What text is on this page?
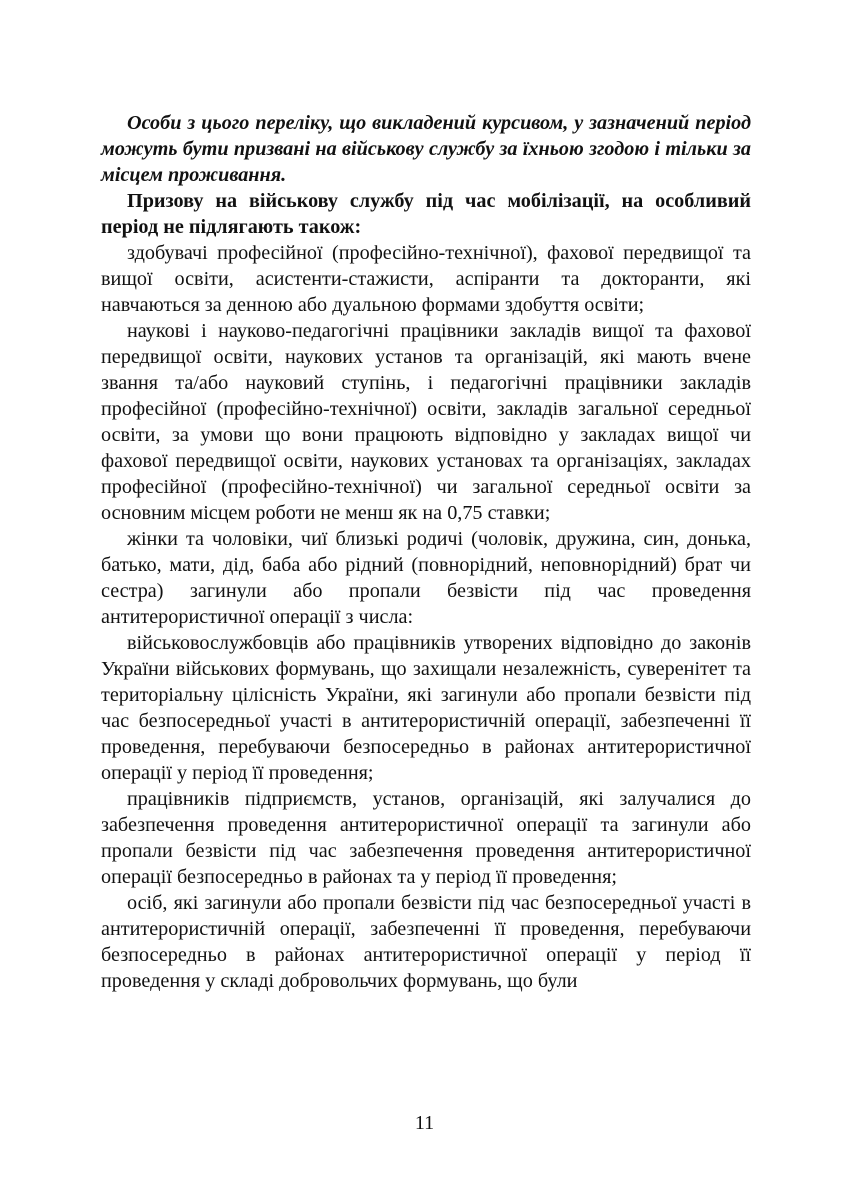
Особи з цього переліку, що викладений курсивом, у зазначений період можуть бути призвані на військову службу за їхньою згодою і тільки за місцем проживання.

Призову на військову службу під час мобілізації, на особливий період не підлягають також:

здобувачі професійної (професійно-технічної), фахової передвищої та вищої освіти, асистенти-стажисти, аспіранти та докторанти, які навчаються за денною або дуальною формами здобуття освіти;

наукові і науково-педагогічні працівники закладів вищої та фахової передвищої освіти, наукових установ та організацій, які мають вчене звання та/або науковий ступінь, і педагогічні працівники закладів професійної (професійно-технічної) освіти, закладів загальної середньої освіти, за умови що вони працюють відповідно у закладах вищої чи фахової передвищої освіти, наукових установах та організаціях, закладах професійної (професійно-технічної) чи загальної середньої освіти за основним місцем роботи не менш як на 0,75 ставки;

жінки та чоловіки, чиї близькі родичі (чоловік, дружина, син, донька, батько, мати, дід, баба або рідний (повнорідний, неповнорідний) брат чи сестра) загинули або пропали безвісти під час проведення антитерористичної операції з числа:

військовослужбовців або працівників утворених відповідно до законів України військових формувань, що захищали незалежність, суверенітет та територіальну цілісність України, які загинули або пропали безвісти під час безпосередньої участі в антитерористичній операції, забезпеченні її проведення, перебуваючи безпосередньо в районах антитерористичної операції у період її проведення;

працівників підприємств, установ, організацій, які залучалися до забезпечення проведення антитерористичної операції та загинули або пропали безвісти під час забезпечення проведення антитерористичної операції безпосередньо в районах та у період її проведення;

осіб, які загинули або пропали безвісти під час безпосередньої участі в антитерористичній операції, забезпеченні її проведення, перебуваючи безпосередньо в районах антитерористичної операції у період її проведення у складі добровольчих формувань, що були

11
